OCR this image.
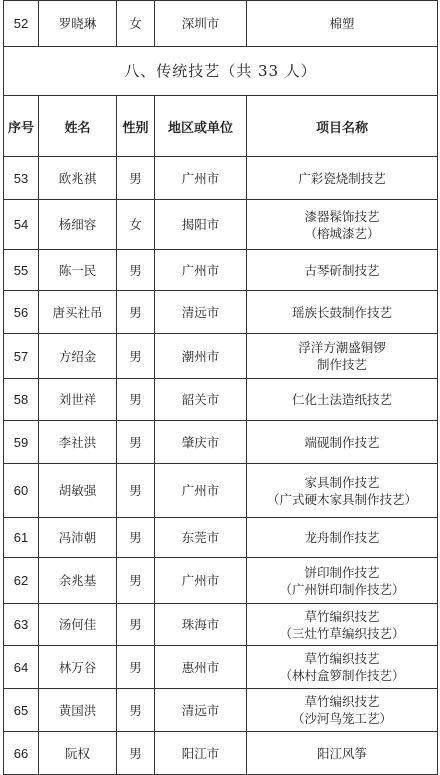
52	罗晓琳	女	深圳市	棉塑
八、传统技艺（共 33 人）				
序号	姓名	性别	地区或单位	项目名称
53	欧兆祺	男	广州市	广彩瓷烧制技艺

54	杨细容	女	揭阳市	漆器髹饰技艺
（榕城漆艺）

55	陈一民	男	广州市	古琴斫制技艺

56	唐买社吊	男	清远市	瑶族长鼓制作技艺

57	方绍金	男	潮州市	浮洋方潮盛铜锣
制作技艺

58	刘世祥	男	韶关市	仁化土法造纸技艺

59	李社洪	男	肇庆市	端砚制作技艺

60	胡敏强	男	广州市	家具制作技艺
（广式硬木家具制作技艺）

61	冯沛朝	男	东莞市	龙舟制作技艺

62	余兆基	男	广州市	饼印制作技艺
（广州饼印制作技艺）

63	汤何佳	男	珠海市	草竹编织技艺
（三灶竹草编织技艺）

64	林万谷	男	惠州市	草竹编织技艺
（林村盒箩制作技艺）

65	黄国洪	男	清远市	草竹编织技艺
（沙河鸟笼工艺）

66	阮权	男	阳江市	阳江风筝
